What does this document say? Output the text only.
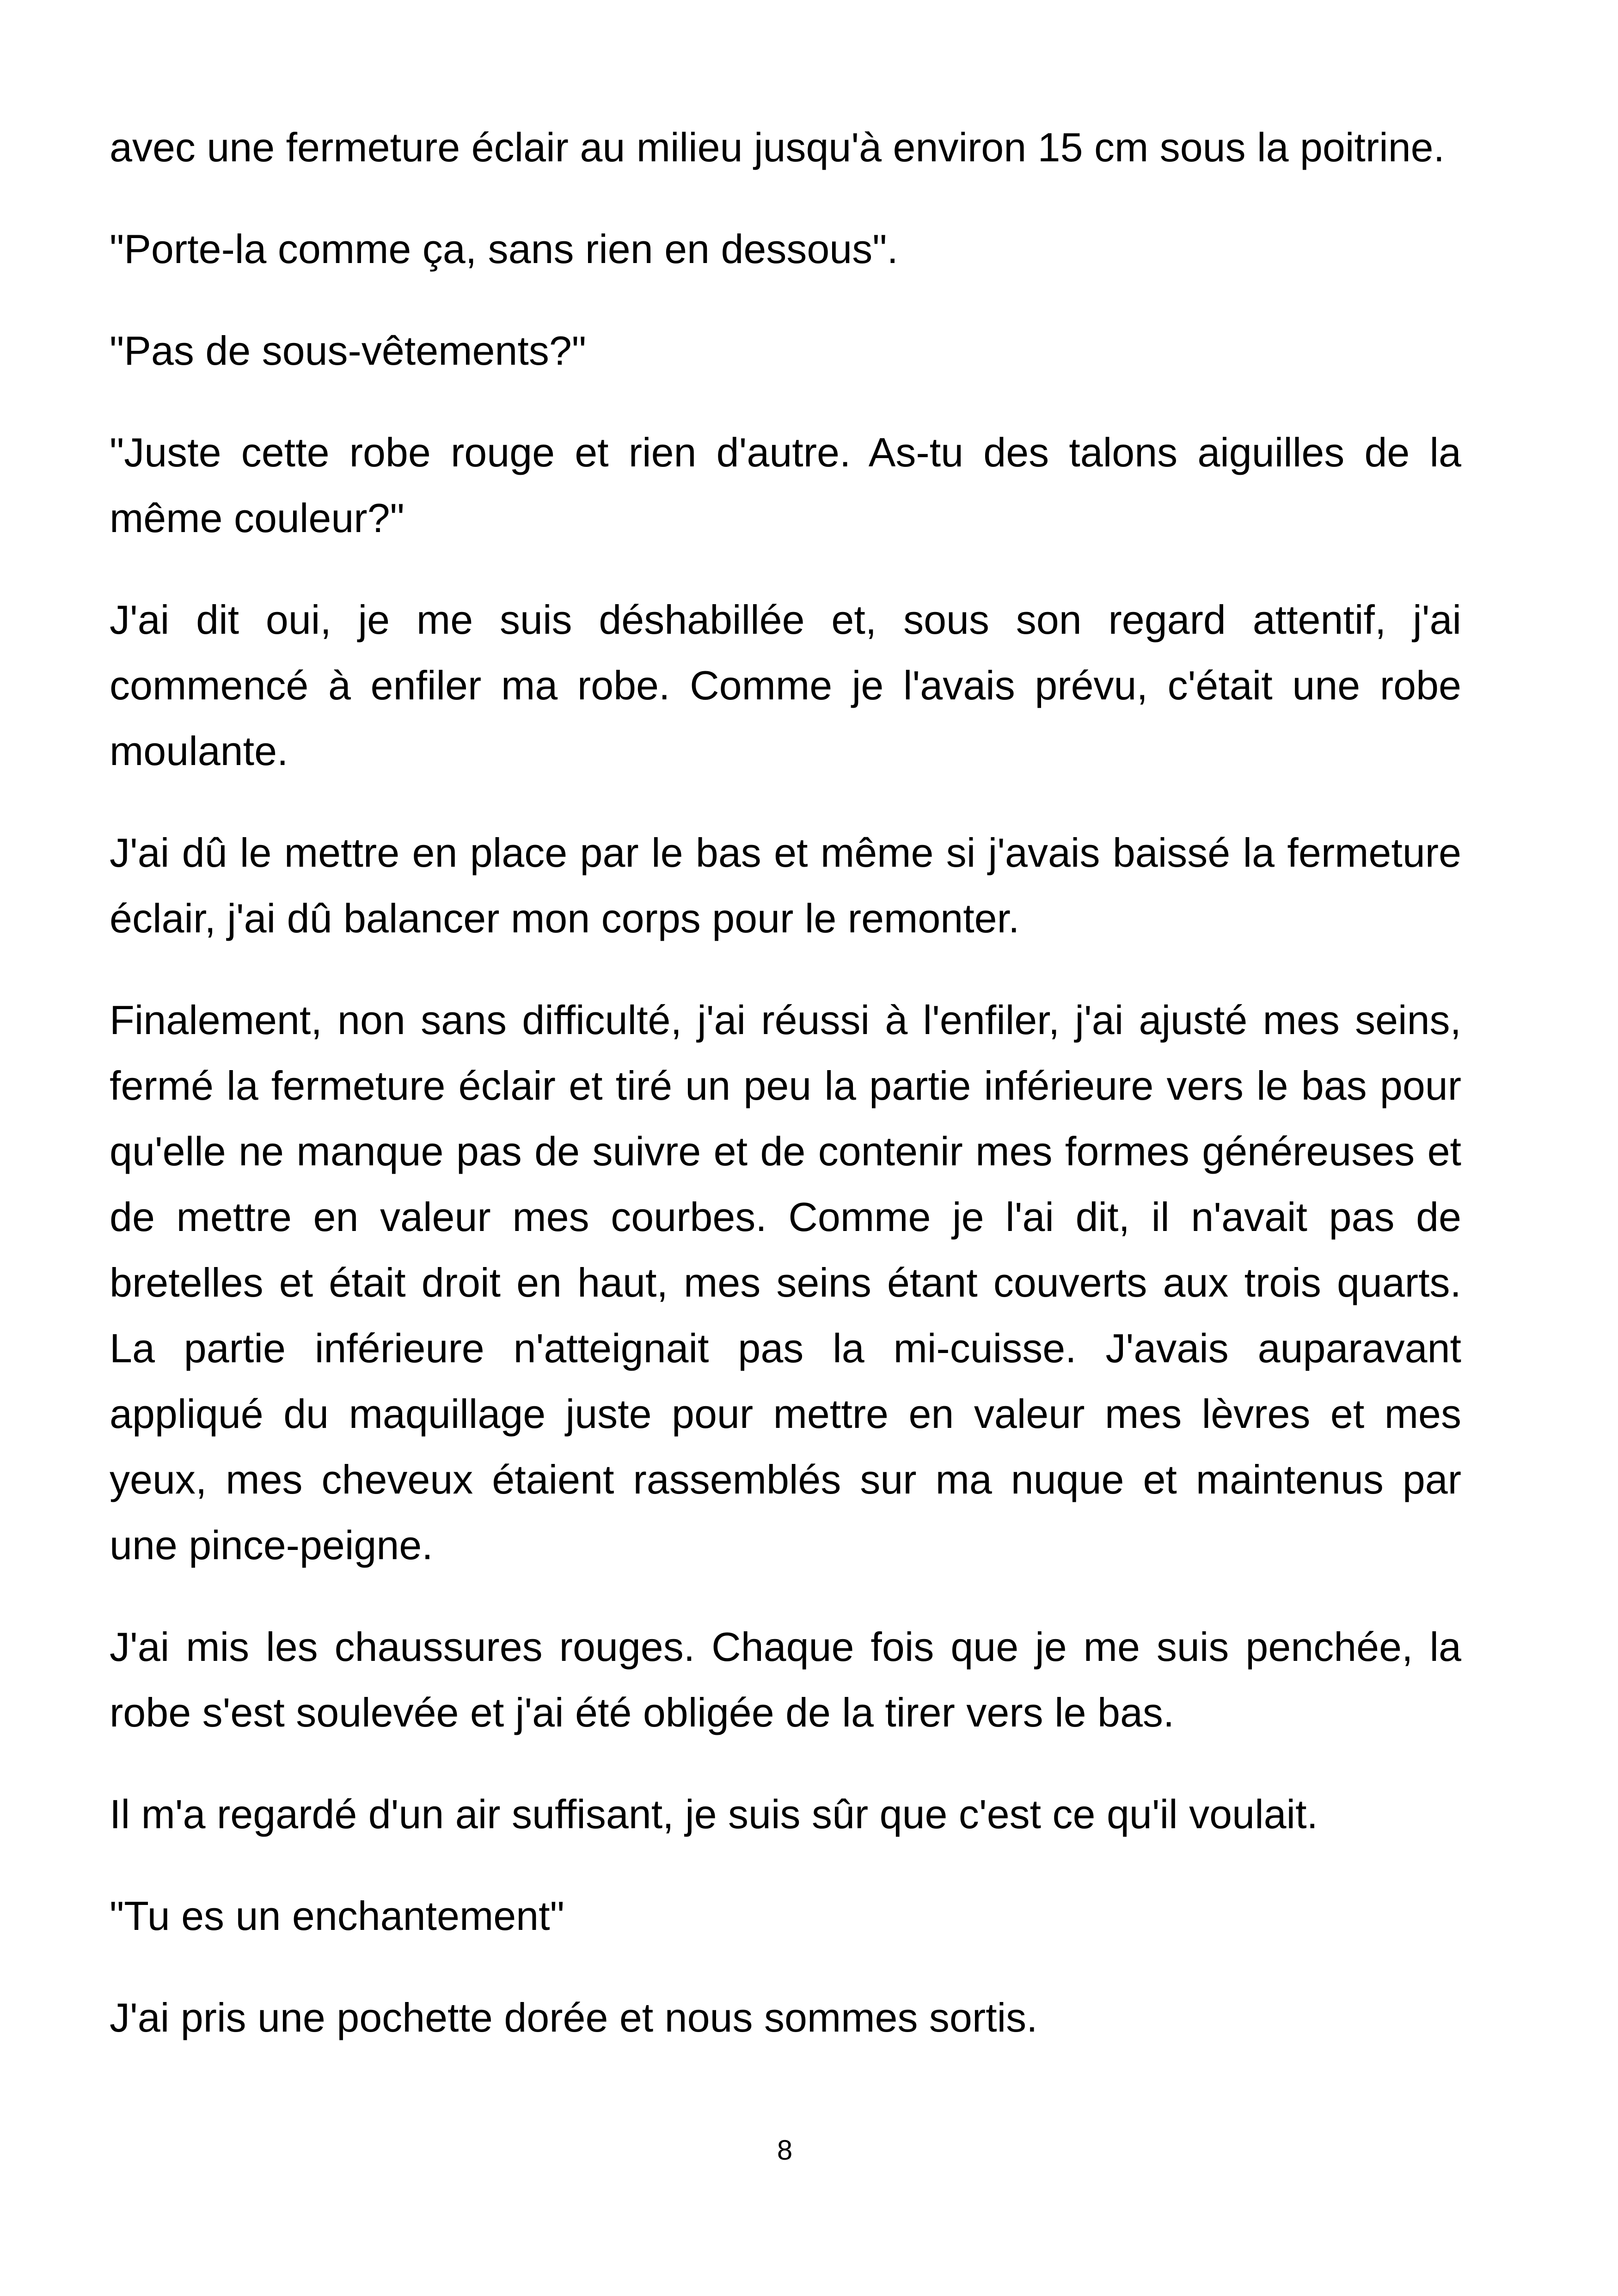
avec une fermeture éclair au milieu jusqu'à environ 15 cm sous la poitrine.

"Porte-la comme ça, sans rien en dessous".

"Pas de sous-vêtements?"

"Juste cette robe rouge et rien d'autre. As-tu des talons aiguilles de la même couleur?"

J'ai dit oui, je me suis déshabillée et, sous son regard attentif, j'ai commencé à enfiler ma robe. Comme je l'avais prévu, c'était une robe moulante.

J'ai dû le mettre en place par le bas et même si j'avais baissé la fermeture éclair, j'ai dû balancer mon corps pour le remonter.

Finalement, non sans difficulté, j'ai réussi à l'enfiler, j'ai ajusté mes seins, fermé la fermeture éclair et tiré un peu la partie inférieure vers le bas pour qu'elle ne manque pas de suivre et de contenir mes formes généreuses et de mettre en valeur mes courbes. Comme je l'ai dit, il n'avait pas de bretelles et était droit en haut, mes seins étant couverts aux trois quarts. La partie inférieure n'atteignait pas la mi-cuisse. J'avais auparavant appliqué du maquillage juste pour mettre en valeur mes lèvres et mes yeux, mes cheveux étaient rassemblés sur ma nuque et maintenus par une pince-peigne.

J'ai mis les chaussures rouges. Chaque fois que je me suis penchée, la robe s'est soulevée et j'ai été obligée de la tirer vers le bas.

Il m'a regardé d'un air suffisant, je suis sûr que c'est ce qu'il voulait.

"Tu es un enchantement"

J'ai pris une pochette dorée et nous sommes sortis.

8
